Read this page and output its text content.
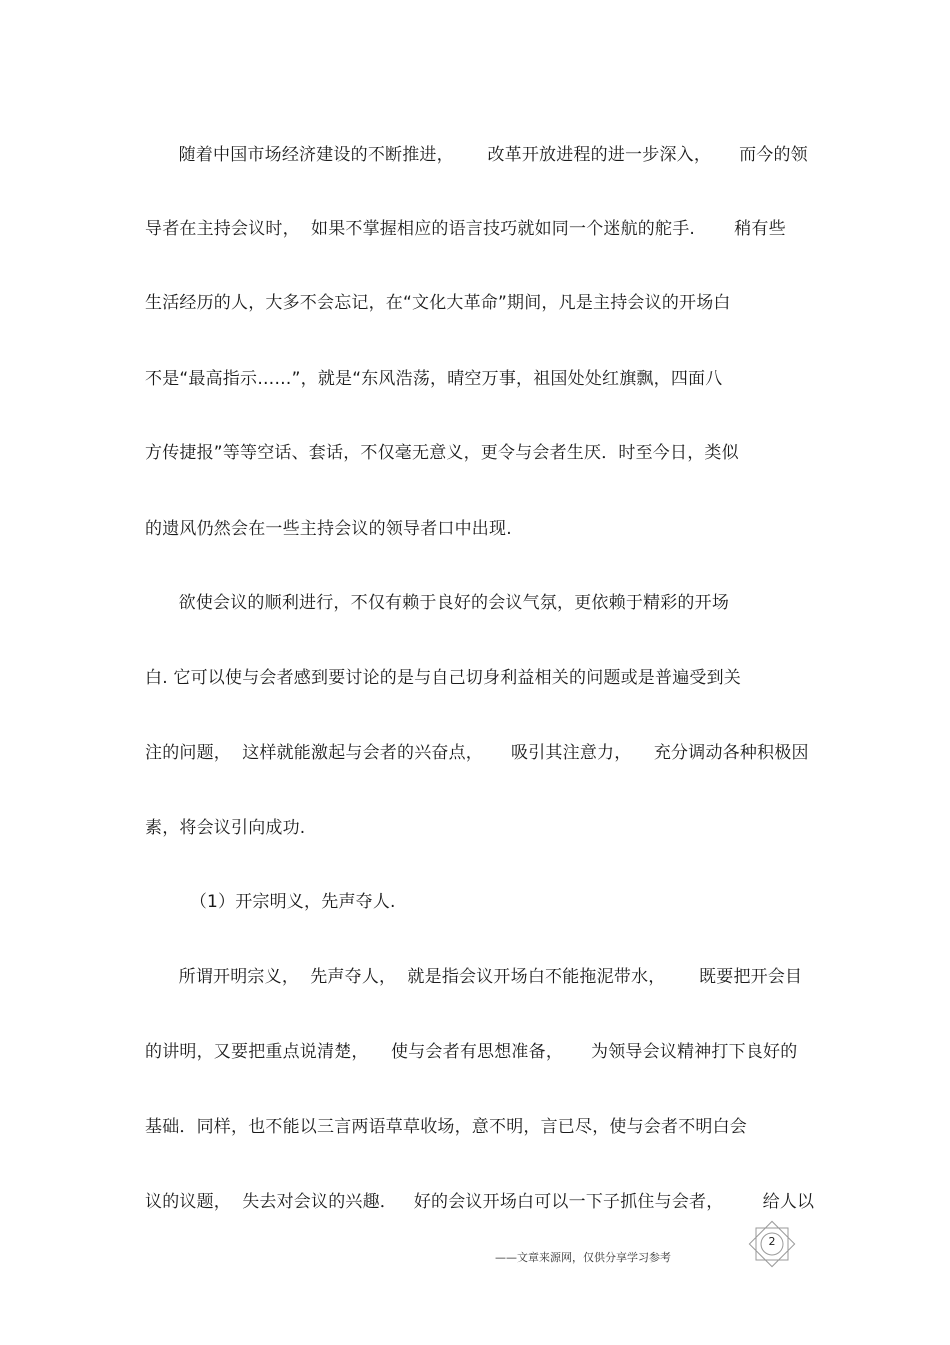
随着中国市场经济建设的不断推进，      改革开放进程的进一步深入，     而今的领
导者在主持会议时，  如果不掌握相应的语言技巧就如同一个迷航的舵手.       稍有些
生活经历的人，大多不会忘记，在“文化大革命”期间，凡是主持会议的开场白
不是“最高指示……”，就是“东风浩荡，晴空万事，祖国处处红旗飘，四面八
方传捷报”等等空话、套话，不仅毫无意义，更令与会者生厌．时至今日，类似
的遗风仍然会在一些主持会议的领导者口中出现.
欲使会议的顺利进行，不仅有赖于良好的会议气氛，更依赖于精彩的开场
白. 它可以使与会者感到要讨论的是与自己切身利益相关的问题或是普遍受到关
注的问题，  这样就能激起与会者的兴奋点，     吸引其注意力，    充分调动各种积极因
素，将会议引向成功.
（1）开宗明义，先声夺人.
所谓开明宗义，  先声夺人，  就是指会议开场白不能拖泥带水，      既要把开会目
的讲明，又要把重点说清楚，    使与会者有思想准备，     为领导会议精神打下良好的
基础．同样，也不能以三言两语草草收场，意不明，言已尽，使与会者不明白会
议的议题，  失去对会议的兴趣．   好的会议开场白可以一下子抓住与会者，       给人以
2
——文章来源网，仅供分享学习参考
